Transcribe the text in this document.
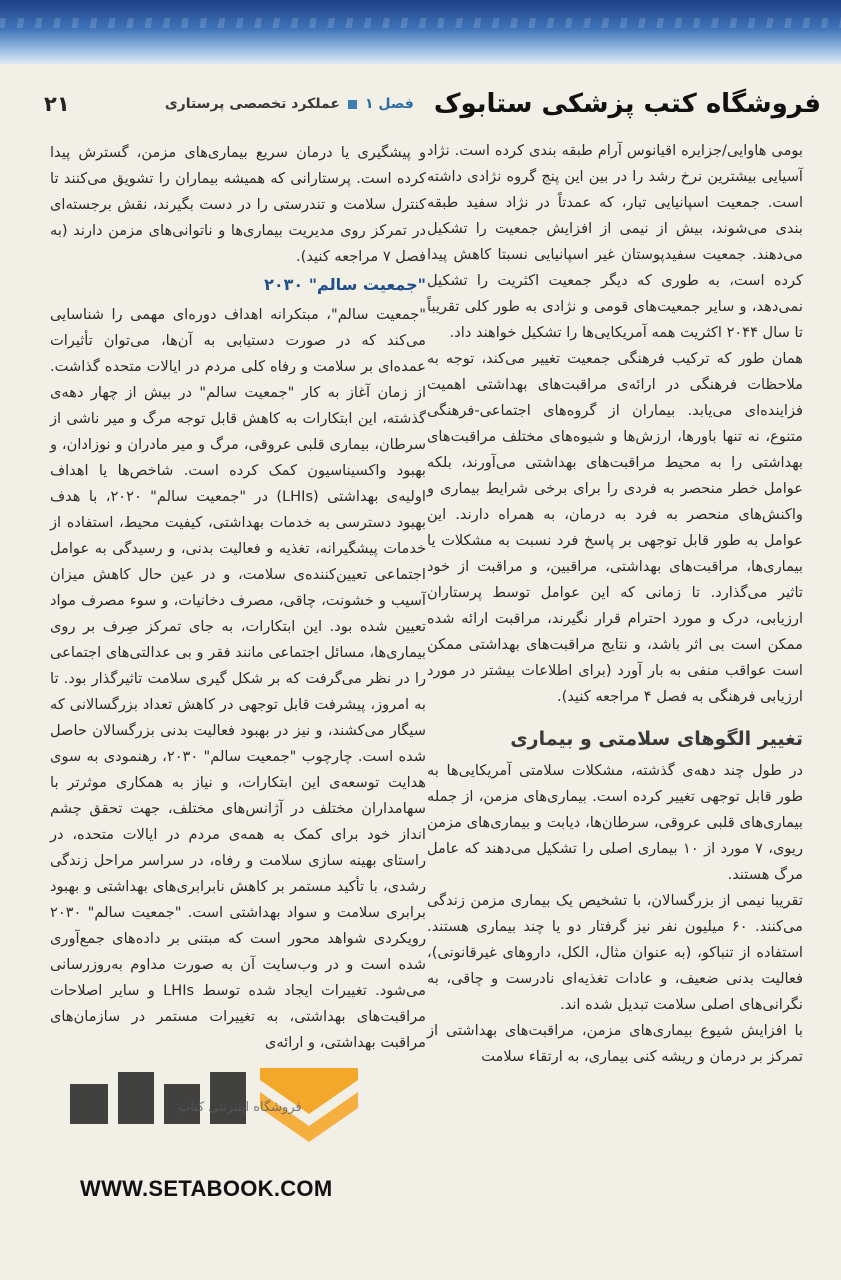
۲۱	فصل ۱
عملکرد تخصصی پرستاری	فروشگاه کتب پزشکی ستابوک

بومی هاوایی/جزایره اقیانوس آرام طبقه بندی کرده است. نژاد آسیایی بیشترین نرخ رشد را در بین این پنج گروه نژادی داشته است. جمعیت اسپانیایی تبار، که عمدتاً در نژاد سفید طبقه بندی می‌شوند، بیش از نیمی از افزایش جمعیت را تشکیل می‌دهند. جمعیت سفیدپوستان غیر اسپانیایی نسبتا کاهش پیدا کرده است، به طوری که دیگر جمعیت اکثریت را تشکیل نمی‌دهد، و سایر جمعیت‌های قومی و نژادی به طور کلی تقریباً تا سال ۲۰۴۴ اکثریت همه آمریکایی‌ها را تشکیل خواهند داد.

همان طور که ترکیب فرهنگی جمعیت تغییر می‌کند، توجه به ملاحظات فرهنگی در ارائه‌ی مراقبت‌های بهداشتی اهمیت فزاینده‌ای می‌یابد. بیماران از گروه‌های اجتماعی-فرهنگی متنوع، نه تنها باورها، ارزش‌ها و شیوه‌های مختلف مراقبت‌های بهداشتی را به محیط مراقبت‌های بهداشتی می‌آورند، بلکه عوامل خطر منحصر به فردی را برای برخی شرایط بیماری و واکنش‌های منحصر به فرد به درمان، به همراه دارند. این عوامل به طور قابل توجهی بر پاسخ فرد نسبت به مشکلات یا بیماری‌ها، مراقبت‌های بهداشتی، مراقبین، و مراقبت از خود تاثیر می‌گذارد. تا زمانی که این عوامل توسط پرستاران ارزیابی، درک و مورد احترام قرار نگیرند، مراقبت ارائه شده ممکن است بی اثر باشد، و نتایج مراقبت‌های بهداشتی ممکن است عواقب منفی به بار آورد (برای اطلاعات بیشتر در مورد ارزیابی فرهنگی به فصل ۴ مراجعه کنید).

تغییر الگوهای سلامتی و بیماری

در طول چند دهه‌ی گذشته، مشکلات سلامتی آمریکایی‌ها به طور قابل توجهی تغییر کرده است. بیماری‌های مزمن، از جمله بیماری‌های قلبی عروقی، سرطان‌ها، دیابت و بیماری‌های مزمن ریوی، ۷ مورد از ۱۰ بیماری اصلی را تشکیل می‌دهند که عامل مرگ هستند.

تقریبا نیمی از بزرگسالان، با تشخیص یک بیماری مزمن زندگی می‌کنند. ۶۰ میلیون نفر نیز گرفتار دو یا چند بیماری هستند. استفاده از تنباکو، (به عنوان مثال، الکل، داروهای غیرقانونی)، فعالیت بدنی ضعیف، و عادات تغذیه‌ای نادرست و چاقی، به نگرانی‌های اصلی سلامت تبدیل شده اند.

با افزایش شیوع بیماری‌های مزمن، مراقبت‌های بهداشتی از تمرکز بر درمان و ریشه کنی بیماری، به ارتقاء سلامت

و پیشگیری یا درمان سریع بیماری‌های مزمن، گسترش پیدا کرده است. پرستارانی که همیشه بیماران را تشویق می‌کنند تا کنترل سلامت و تندرستی را در دست بگیرند، نقش برجسته‌ای در تمرکز روی مدیریت بیماری‌ها و ناتوانی‌های مزمن دارند (به فصل ۷ مراجعه کنید).

"جمعیت سالم" ۲۰۳۰

"جمعیت سالم"، مبتکرانه اهداف دوره‌ای مهمی را شناسایی می‌کند که در صورت دستیابی به آن‌ها، می‌توان تأثیرات عمده‌ای بر سلامت و رفاه کلی مردم در ایالات متحده گذاشت. از زمان آغاز به کار "جمعیت سالم" در بیش از چهار دهه‌ی گذشته، این ابتکارات به کاهش قابل توجه مرگ و میر ناشی از سرطان، بیماری قلبی عروقی، مرگ و میر مادران و نوزادان، و بهبود واکسیناسیون کمک کرده است. شاخص‌ها یا اهداف اولیه‌ی بهداشتی (LHIs) در "جمعیت سالم" ۲۰۲۰، با هدف بهبود دسترسی به خدمات بهداشتی، کیفیت محیط، استفاده از خدمات پیشگیرانه، تغذیه و فعالیت بدنی، و رسیدگی به عوامل اجتماعی تعیین‌کننده‌ی سلامت، و در عین حال کاهش میزان آسیب و خشونت، چاقی، مصرف دخانیات، و سوء مصرف مواد تعیین شده بود. این ابتکارات، به جای تمرکز صِرف بر روی بیماری‌ها، مسائل اجتماعی مانند فقر و بی عدالتی‌های اجتماعی را در نظر می‌گرفت که بر شکل گیری سلامت تاثیرگذار بود. تا به امروز، پیشرفت قابل توجهی در کاهش تعداد بزرگسالانی که سیگار می‌کشند، و نیز در بهبود فعالیت بدنی بزرگسالان حاصل شده است. چارچوب "جمعیت سالم" ۲۰۳۰، رهنمودی به سوی هدایت توسعه‌ی این ابتکارات، و نیاز به همکاری موثرتر با سهامداران مختلف در آژانس‌های مختلف، جهت تحقق چشم انداز خود برای کمک به همه‌ی مردم در ایالات متحده، در راستای بهینه سازی سلامت و رفاه، در سراسر مراحل زندگی رشدی، با تأکید مستمر بر کاهش نابرابری‌های بهداشتی و بهبود برابری سلامت و سواد بهداشتی است. "جمعیت سالم" ۲۰۳۰ رویکردی شواهد محور است که مبتنی بر داده‌های جمع‌آوری شده است و در وب‌سایت آن به صورت مداوم به‌روزرسانی می‌شود. تغییرات ایجاد شده توسط LHIs و سایر اصلاحات مراقبت‌های بهداشتی، به تغییرات مستمر در سازمان‌های مراقبت بهداشتی، و ارائه‌ی

فروشگاه اینترنتی کتاب
WWW.SETABOOK.COM
